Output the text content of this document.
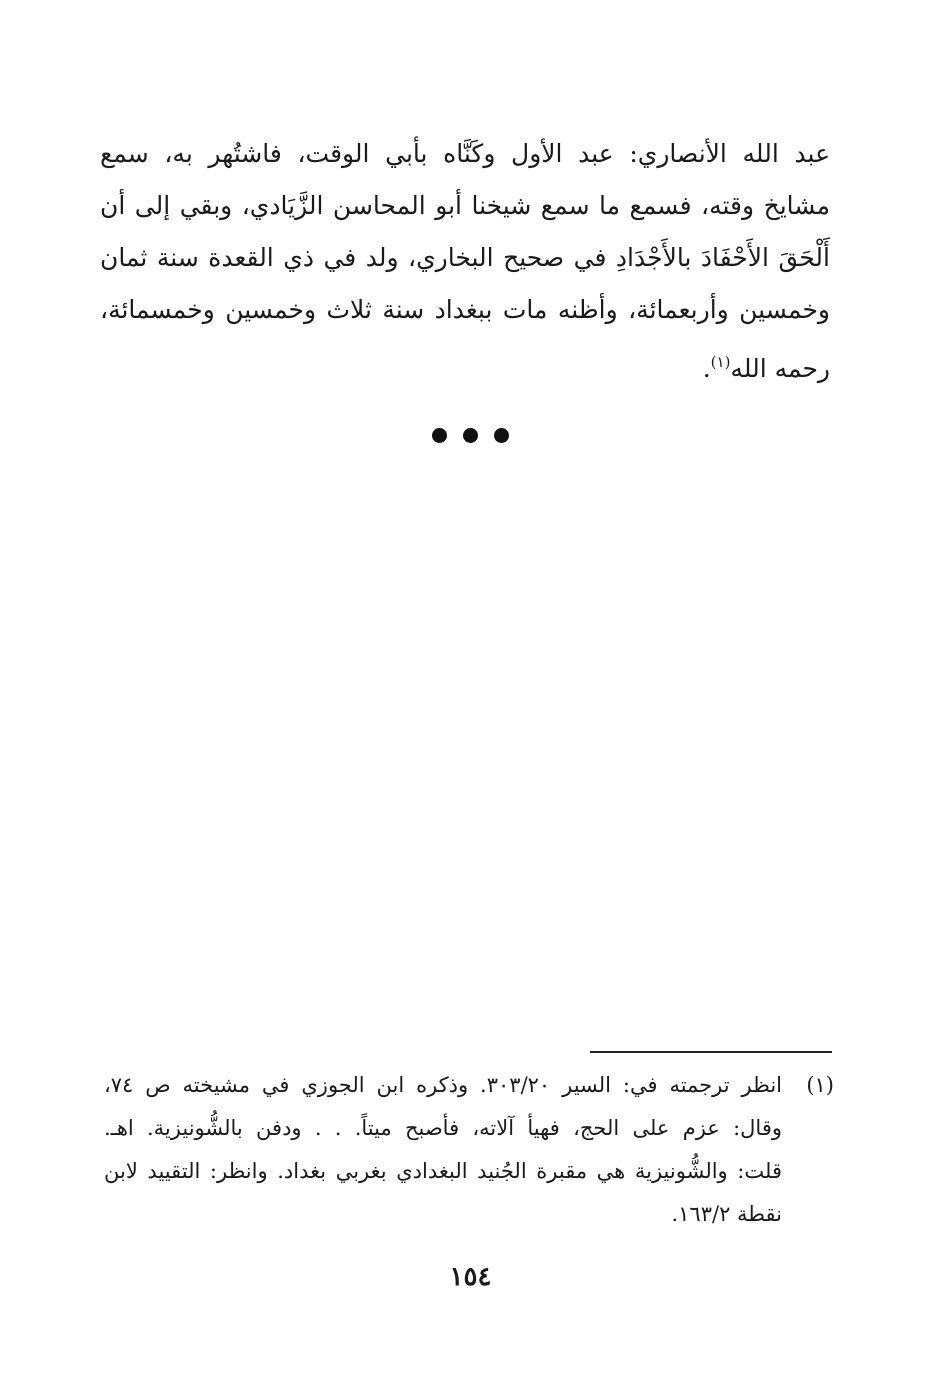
عبد الله الأنصاري: عبد الأول وكَنَّاه بأبي الوقت، فاشتُهر به، سمع
مشايخ وقته، فسمع ما سمع شيخنا أبو المحاسن الزَّيَادي، وبقي إلى أن
أَلْحَقَ الأَحْفَادَ بالأَجْدَادِ في صحيح البخاري، ولد في ذي القعدة سنة ثمان
وخمسين وأربعمائة، وأظنه مات ببغداد سنة ثلاث وخمسين وخمسمائة،
رحمه الله$^{(١)}$.
(١)
انظر ترجمته في: السير ٣٠٣/٢٠. وذكره ابن الجوزي في مشيخته ص ٧٤،
وقال: عزم على الحج، فهيأ آلاته، فأصبح ميتاً. . . ودفن بالشُّونيزية. اهـ.
قلت: والشُّونيزية هي مقبرة الجُنيد البغدادي بغربي بغداد. وانظر: التقييد لابن
نقطة ١٦٣/٢.
١٥٤
